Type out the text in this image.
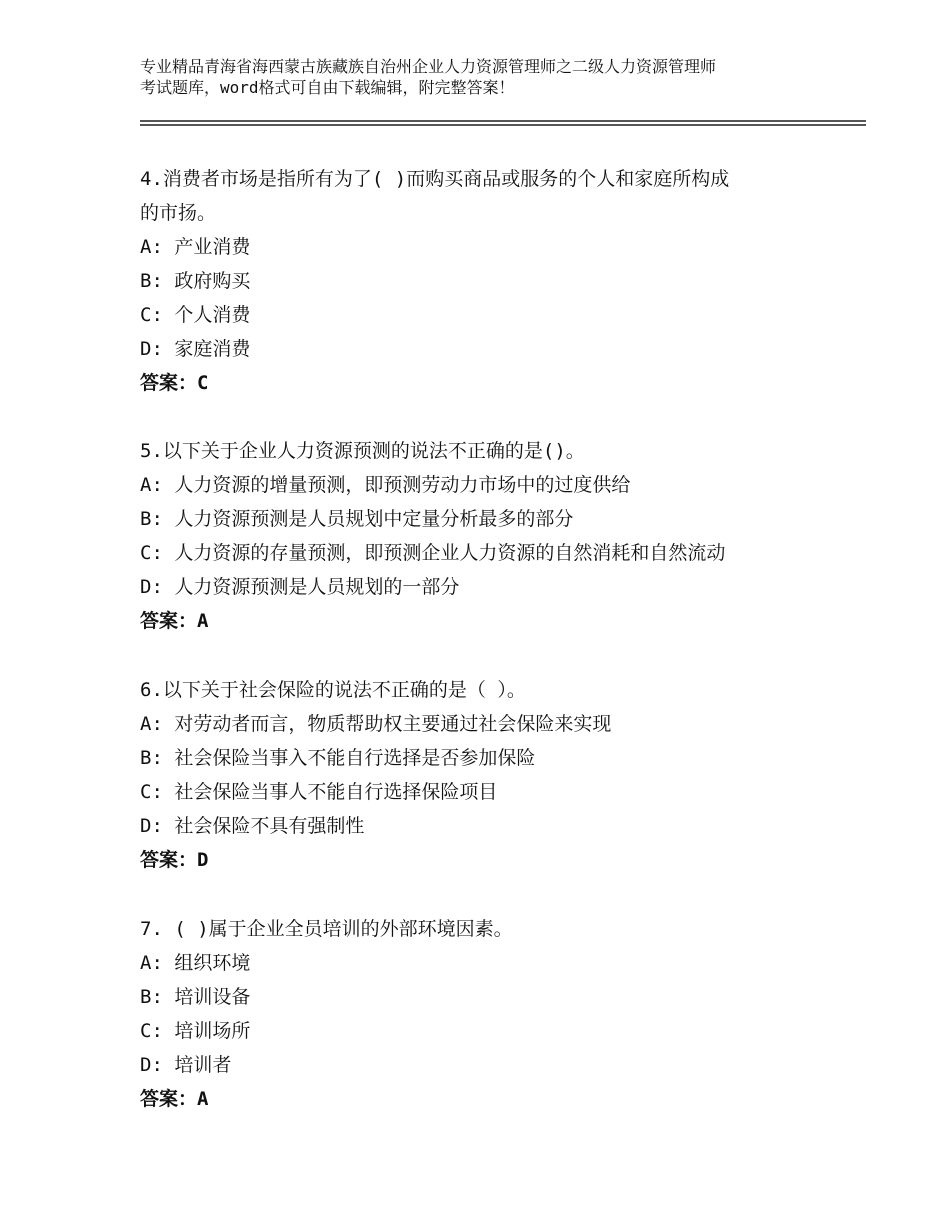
专业精品青海省海西蒙古族藏族自治州企业人力资源管理师之二级人力资源管理师
考试题库，word格式可自由下载编辑，附完整答案！

4.消费者市场是指所有为了( )而购买商品或服务的个人和家庭所构成

的市扬。

A: 产业消费

B: 政府购买

C: 个人消费

D: 家庭消费

答案：C

5.以下关于企业人力资源预测的说法不正确的是()。

A: 人力资源的增量预测，即预测劳动力市场中的过度供给

B: 人力资源预测是人员规划中定量分析最多的部分

C: 人力资源的存量预测，即预测企业人力资源的自然消耗和自然流动

D: 人力资源预测是人员规划的一部分

答案：A

6.以下关于社会保险的说法不正确的是（ ）。

A: 对劳动者而言，物质帮助权主要通过社会保险来实现

B: 社会保险当事入不能自行选择是否参加保险

C: 社会保险当事人不能自行选择保险项目

D: 社会保险不具有强制性

答案：D

7. ( )属于企业全员培训的外部环境因素。

A: 组织环境

B: 培训设备

C: 培训场所

D: 培训者

答案：A
